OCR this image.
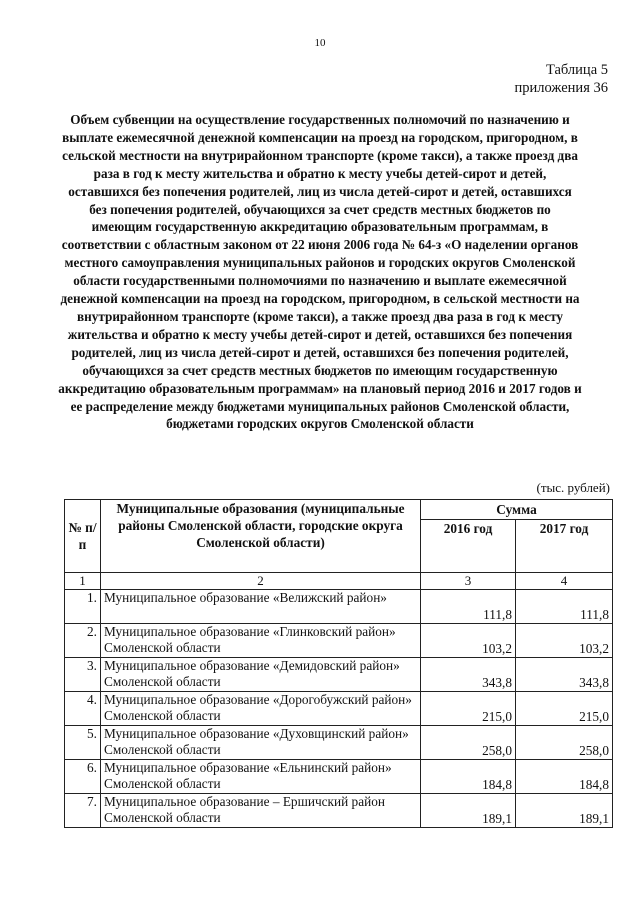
10
Таблица 5
приложения 36
Объем субвенции на осуществление государственных полномочий по назначению и выплате ежемесячной денежной компенсации на проезд на городском, пригородном, в сельской местности на внутрирайонном транспорте (кроме такси), а также проезд два раза в год к месту жительства и обратно к месту учебы детей-сирот и детей, оставшихся без попечения родителей, лиц из числа детей-сирот и детей, оставшихся без попечения родителей, обучающихся за счет средств местных бюджетов по имеющим государственную аккредитацию образовательным программам, в соответствии с областным законом от 22 июня 2006 года № 64-з «О наделении органов местного самоуправления муниципальных районов и городских округов Смоленской области государственными полномочиями по назначению и выплате ежемесячной денежной компенсации на проезд на городском, пригородном, в сельской местности на внутрирайонном транспорте (кроме такси), а также проезд два раза в год к месту жительства и обратно к месту учебы детей-сирот и детей, оставшихся без попечения родителей, лиц из числа детей-сирот и детей, оставшихся без попечения родителей, обучающихся за счет средств местных бюджетов по имеющим государственную аккредитацию образовательным программам» на плановый период 2016 и 2017 годов и ее распределение между бюджетами муниципальных районов Смоленской области, бюджетами городских округов Смоленской области
(тыс. рублей)
№ п/п	Муниципальные образования (муниципальные районы Смоленской области, городские округа Смоленской области)	Сумма	
		2016 год	2017 год
1	2	3	4
1.	Муниципальное образование «Велижский район»	111,8	111,8
2.	Муниципальное образование «Глинковский район» Смоленской области	103,2	103,2
3.	Муниципальное образование «Демидовский район» Смоленской области	343,8	343,8
4.	Муниципальное образование «Дорогобужский район» Смоленской области	215,0	215,0
5.	Муниципальное образование «Духовщинский район» Смоленской области	258,0	258,0
6.	Муниципальное образование «Ельнинский район» Смоленской области	184,8	184,8
7.	Муниципальное образование – Ершичский район Смоленской области	189,1	189,1
